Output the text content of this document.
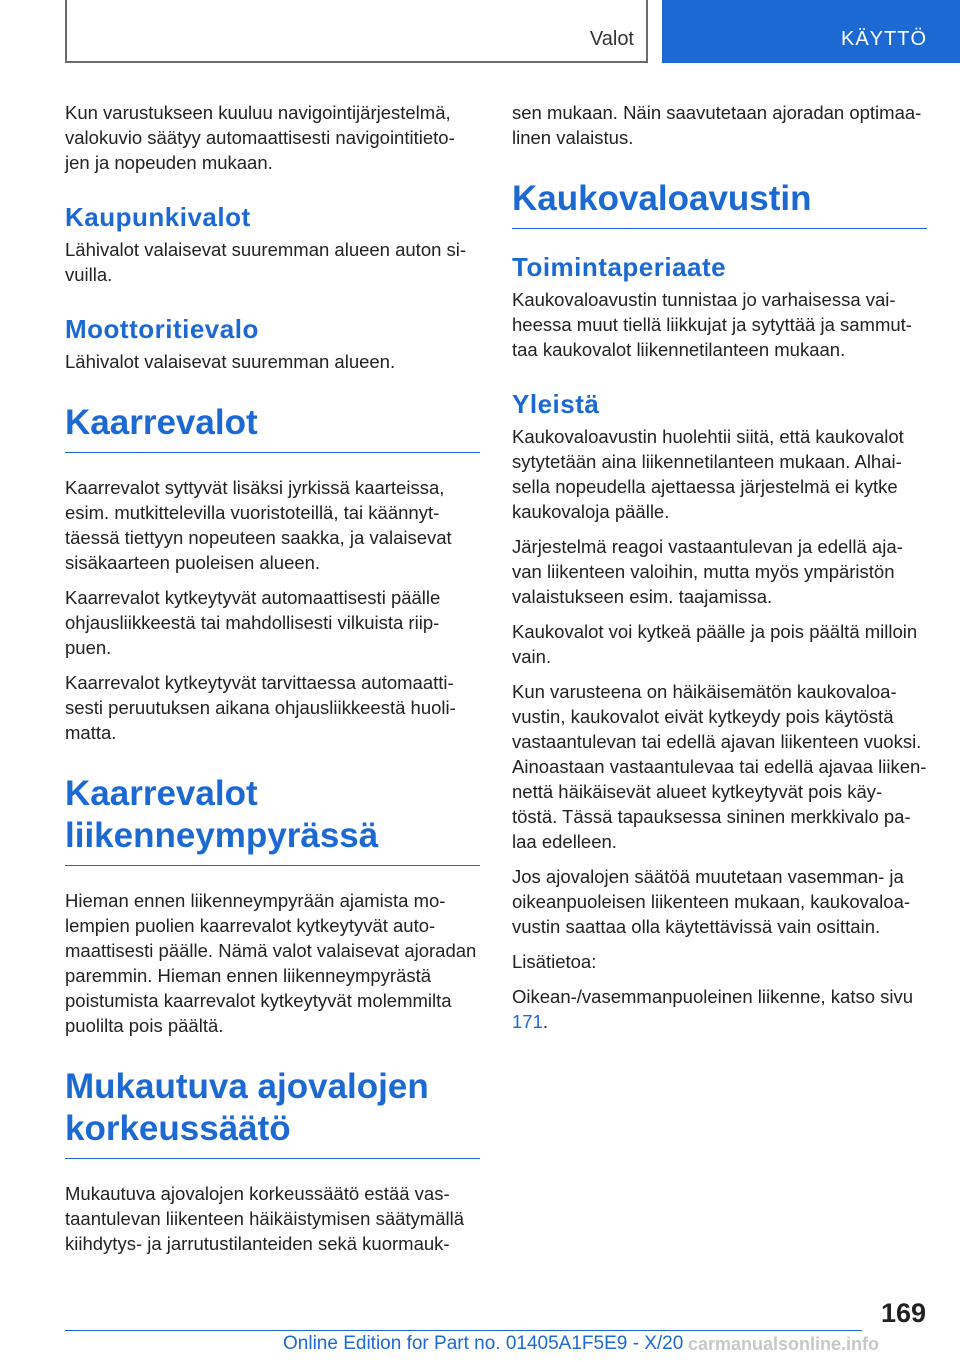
Valot	KÄYTTÖ

Kun varustukseen kuuluu navigointijärjestelmä, valokuvio säätyy automaattisesti navigointitieto- jen ja nopeuden mukaan.

Kaupunkivalot

Lähivalot valaisevat suuremman alueen auton si- vuilla.

Moottoritievalo

Lähivalot valaisevat suuremman alueen.

Kaarrevalot

Kaarrevalot syttyvät lisäksi jyrkissä kaarteissa, esim. mutkittelevilla vuoristoteillä, tai käännyt- täessä tiettyyn nopeuteen saakka, ja valaisevat sisäkaarteen puoleisen alueen.

Kaarrevalot kytkeytyvät automaattisesti päälle ohjausliikkeestä tai mahdollisesti vilkuista riip- puen.

Kaarrevalot kytkeytyvät tarvittaessa automaatti- sesti peruutuksen aikana ohjausliikkeestä huoli- matta.

Kaarrevalot
liikenneympyrässä

Hieman ennen liikenneympyrään ajamista mo- lempien puolien kaarrevalot kytkeytyvät auto- maattisesti päälle. Nämä valot valaisevat ajoradan paremmin. Hieman ennen liikenneympyrästä poistumista kaarrevalot kytkeytyvät molemmilta puolilta pois päältä.

Mukautuva ajovalojen
korkeussäätö

Mukautuva ajovalojen korkeussäätö estää vas- taantulevan liikenteen häikäistymisen säätymällä kiihdytys- ja jarrutustilanteiden sekä kuormauk-

sen mukaan. Näin saavutetaan ajoradan optimaa- linen valaistus.

Kaukovaloavustin
Toimintaperiaate

Kaukovaloavustin tunnistaa jo varhaisessa vai- heessa muut tiellä liikkujat ja sytyttää ja sammut- taa kaukovalot liikennetilanteen mukaan.

Yleistä

Kaukovaloavustin huolehtii siitä, että kaukovalot sytytetään aina liikennetilanteen mukaan. Alhai- sella nopeudella ajettaessa järjestelmä ei kytke kaukovaloja päälle.

Järjestelmä reagoi vastaantulevan ja edellä aja- van liikenteen valoihin, mutta myös ympäristön valaistukseen esim. taajamissa.

Kaukovalot voi kytkeä päälle ja pois päältä milloin vain.

Kun varusteena on häikäisemätön kaukovaloa- vustin, kaukovalot eivät kytkeydy pois käytöstä vastaantulevan tai edellä ajavan liikenteen vuoksi. Ainoastaan vastaantulevaa tai edellä ajavaa liiken- nettä häikäisevät alueet kytkeytyvät pois käy- töstä. Tässä tapauksessa sininen merkkivalo pa- laa edelleen.

Jos ajovalojen säätöä muutetaan vasemman- ja oikeanpuoleisen liikenteen mukaan, kaukovaloa- vustin saattaa olla käytettävissä vain osittain.

Lisätietoa:

Oikean-/vasemmanpuoleinen liikenne, katso sivu 171.

169
Online Edition for Part no. 01405A1F5E9 - X/20 carmanualsonline.info
